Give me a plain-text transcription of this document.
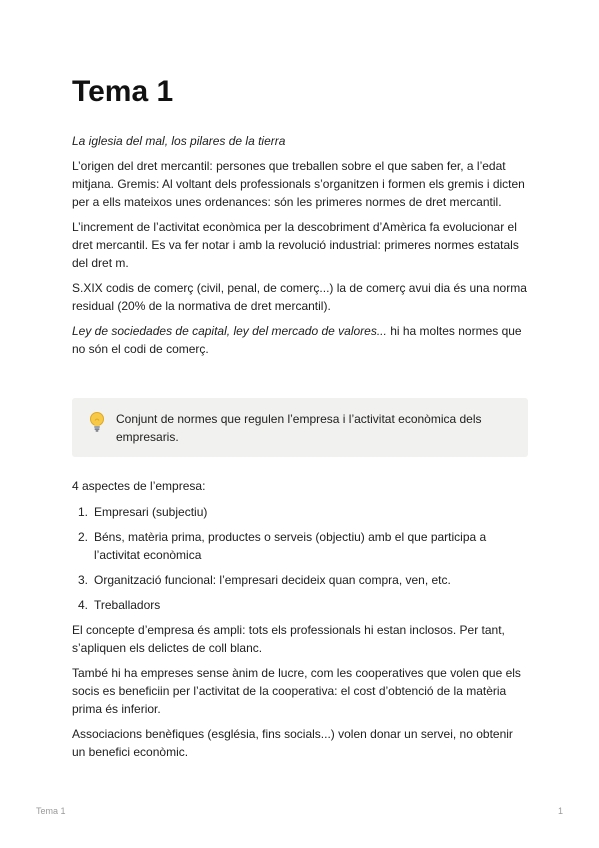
Tema 1

La iglesia del mal, los pilares de la tierra

L’origen del dret mercantil: persones que treballen sobre el que saben fer, a l’edat mitjana. Gremis: Al voltant dels professionals s’organitzen i formen els gremis i dicten per a ells mateixos unes ordenances: són les primeres normes de dret mercantil.

L’increment de l’activitat econòmica per la descobriment d’Amèrica fa evolucionar el dret mercantil. Es va fer notar i amb la revolució industrial: primeres normes estatals del dret m.

S.XIX codis de comerç (civil, penal, de comerç...) la de comerç avui dia és una norma residual (20% de la normativa de dret mercantil).

Ley de sociedades de capital, ley del mercado de valores... hi ha moltes normes que no són el codi de comerç.

Conjunt de normes que regulen l’empresa i l’activitat econòmica dels empresaris.

4 aspectes de l’empresa:

1. Empresari (subjectiu)
2. Béns, matèria prima, productes o serveis (objectiu) amb el que participa a l’activitat econòmica
3. Organització funcional: l’empresari decideix quan compra, ven, etc.
4. Treballadors

El concepte d’empresa és ampli: tots els professionals hi estan inclosos. Per tant, s’apliquen els delictes de coll blanc.

També hi ha empreses sense ànim de lucre, com les cooperatives que volen que els socis es beneficiin per l’activitat de la cooperativa: el cost d’obtenció de la matèria prima és inferior.

Associacions benèfiques (església, fins socials...) volen donar un servei, no obtenir un benefici econòmic.

Tema 1	1
